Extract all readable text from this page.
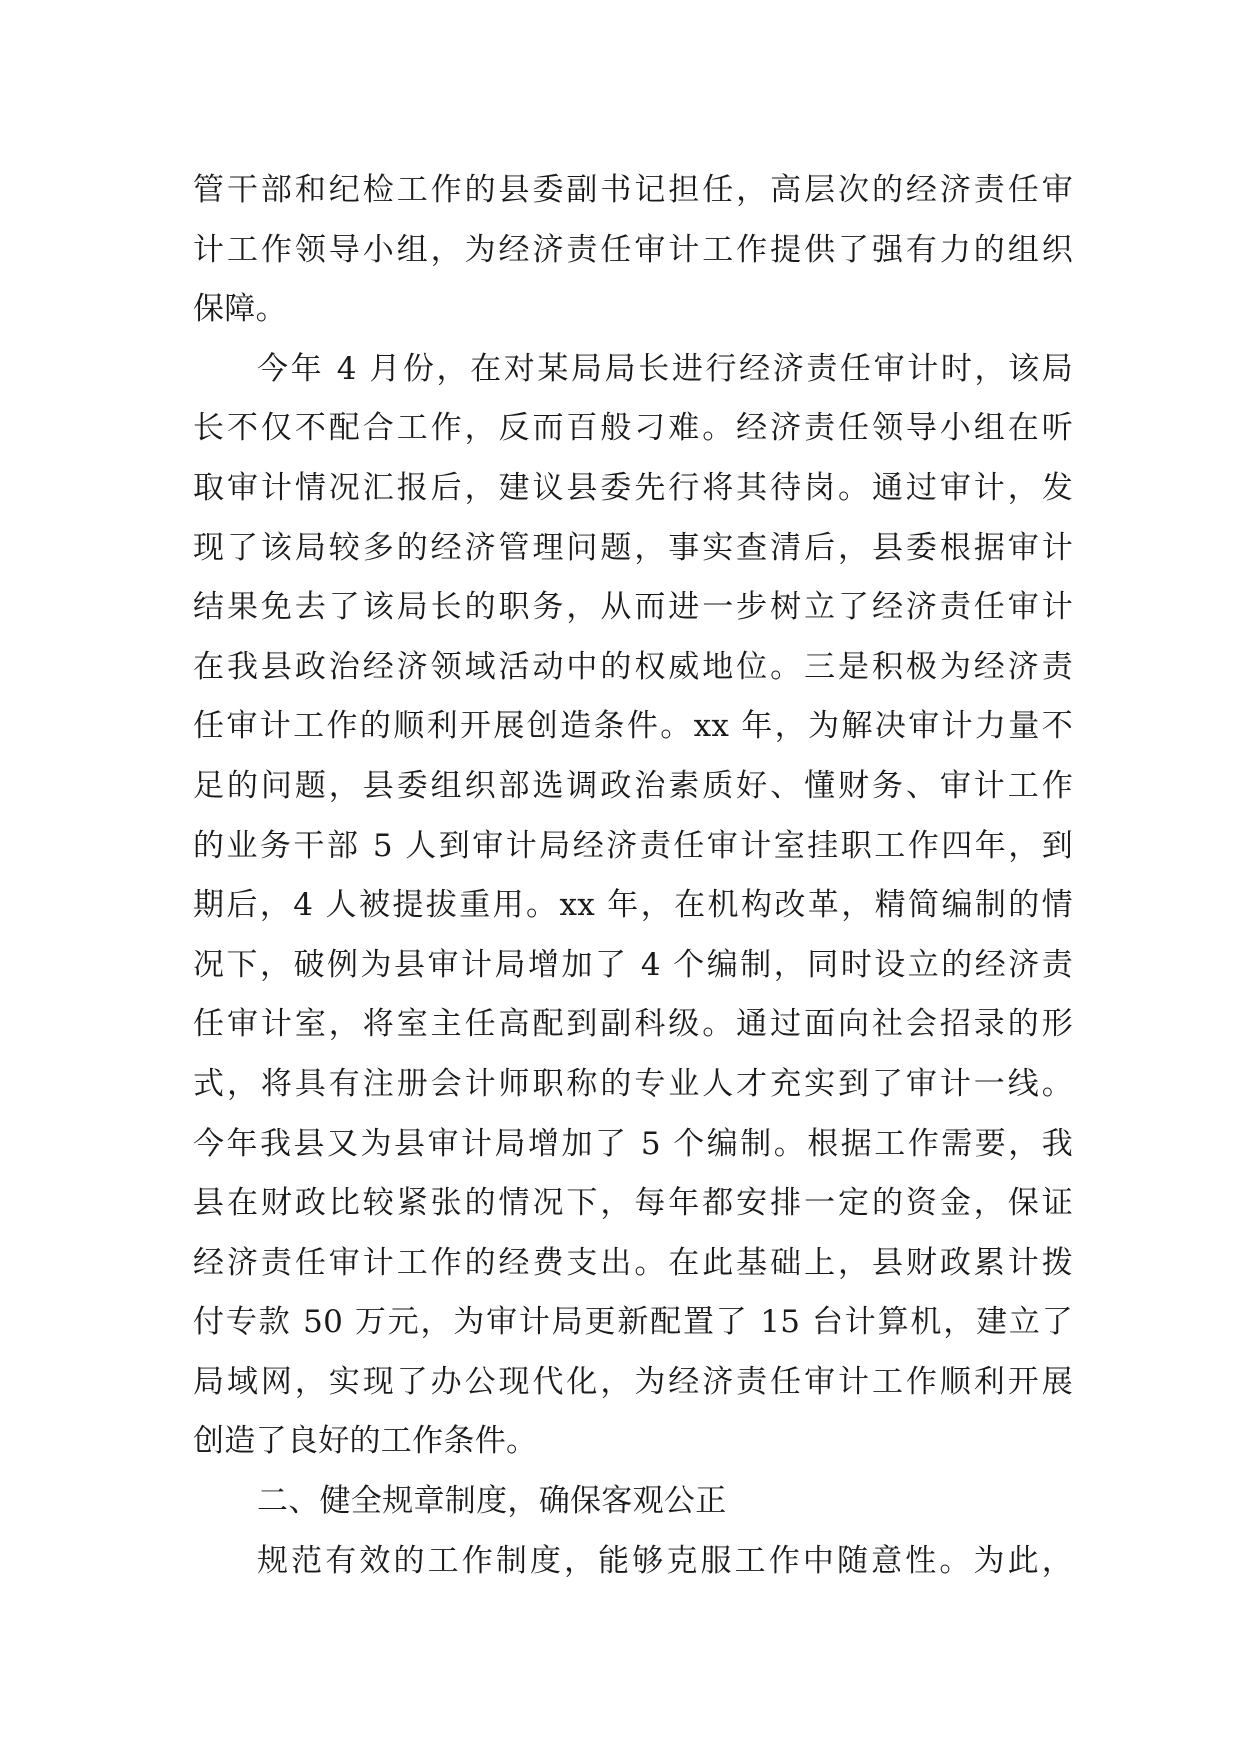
管干部和纪检工作的县委副书记担任，高层次的经济责任审
计工作领导小组，为经济责任审计工作提供了强有力的组织
保障。
今年 4 月份，在对某局局长进行经济责任审计时，该局
长不仅不配合工作，反而百般刁难。经济责任领导小组在听
取审计情况汇报后，建议县委先行将其待岗。通过审计，发
现了该局较多的经济管理问题，事实查清后，县委根据审计
结果免去了该局长的职务，从而进一步树立了经济责任审计
在我县政治经济领域活动中的权威地位。三是积极为经济责
任审计工作的顺利开展创造条件。xx 年，为解决审计力量不
足的问题，县委组织部选调政治素质好、懂财务、审计工作
的业务干部 5 人到审计局经济责任审计室挂职工作四年，到
期后，4 人被提拔重用。xx 年，在机构改革，精简编制的情
况下，破例为县审计局增加了 4 个编制，同时设立的经济责
任审计室，将室主任高配到副科级。通过面向社会招录的形
式，将具有注册会计师职称的专业人才充实到了审计一线。
今年我县又为县审计局增加了 5 个编制。根据工作需要，我
县在财政比较紧张的情况下，每年都安排一定的资金，保证
经济责任审计工作的经费支出。在此基础上，县财政累计拨
付专款 50 万元，为审计局更新配置了 15 台计算机，建立了
局域网，实现了办公现代化，为经济责任审计工作顺利开展
创造了良好的工作条件。
二、健全规章制度，确保客观公正
规范有效的工作制度，能够克服工作中随意性。为此，
